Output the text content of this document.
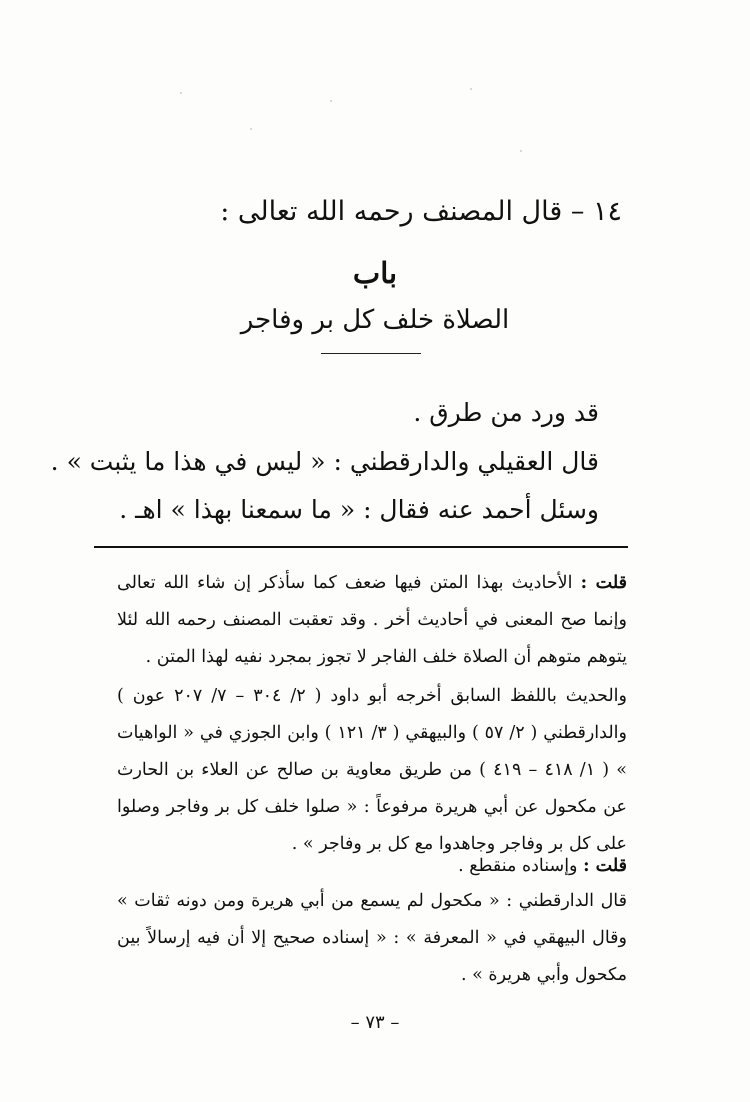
١٤ – قال المصنف رحمه الله تعالى :
باب
الصلاة خلف كل بر وفاجر
قد ورد من طرق .
قال العقيلي والدارقطني : « ليس في هذا ما يثبت » .
وسئل أحمد عنه فقال : « ما سمعنا بهذا » اهـ .
قلت : الأحاديث بهذا المتن فيها ضعف كما سأذكر إن شاء الله تعالى وإنما صح المعنى في أحاديث أخر . وقد تعقبت المصنف رحمه الله لئلا يتوهم متوهم أن الصلاة خلف الفاجر لا تجوز بمجرد نفيه لهذا المتن .
والحديث باللفظ السابق أخرجه أبو داود ( ٢/ ٣٠٤ – ٧/ ٢٠٧ عون ) والدارقطني ( ٢/ ٥٧ ) والبيهقي ( ٣/ ١٢١ ) وابن الجوزي في « الواهيات » ( ١/ ٤١٨ – ٤١٩ ) من طريق معاوية بن صالح عن العلاء بن الحارث عن مكحول عن أبي هريرة مرفوعاً : « صلوا خلف كل بر وفاجر وصلوا على كل بر وفاجر وجاهدوا مع كل بر وفاجر » .
قلت : وإسناده منقطع .
قال الدارقطني : « مكحول لم يسمع من أبي هريرة ومن دونه ثقات » وقال البيهقي في « المعرفة » : « إسناده صحيح إلا أن فيه إرسالاً بين مكحول وأبي هريرة » .
– ٧٣ –
